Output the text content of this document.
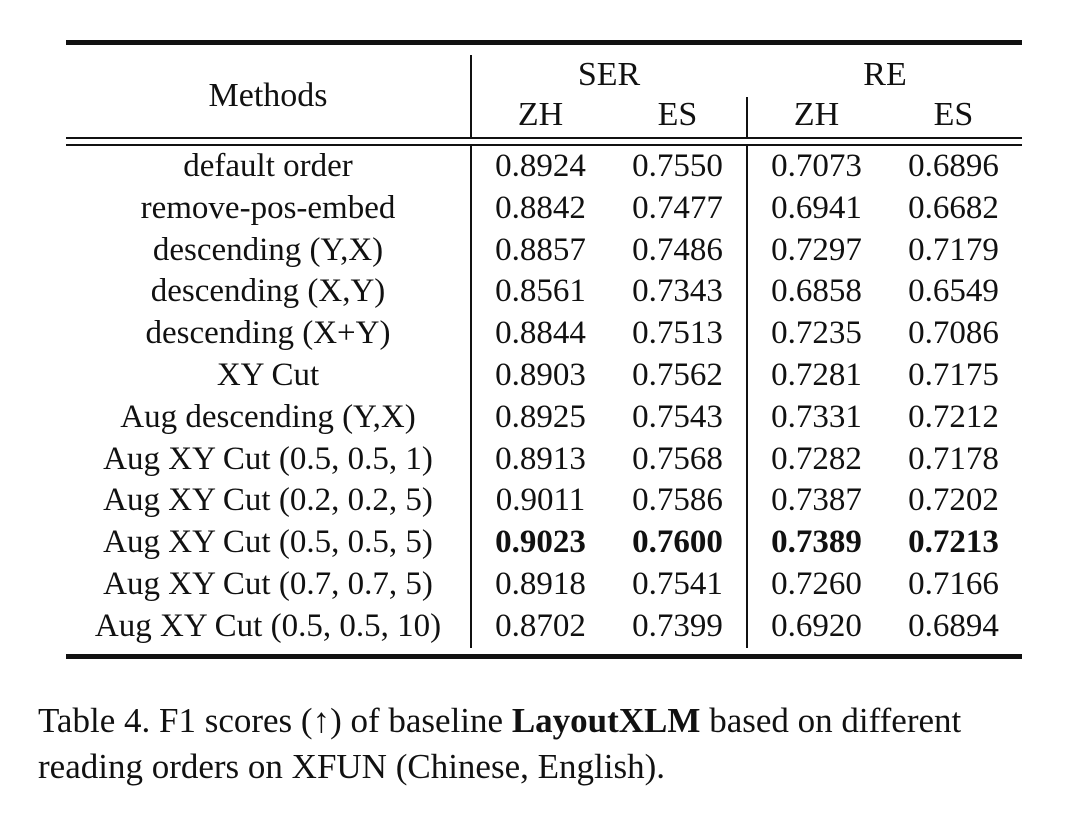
Methods
SER	RE
ZH	ES	ZH	ES
default order	0.8924	0.7550	0.7073	0.6896
remove-pos-embed	0.8842	0.7477	0.6941	0.6682
descending (Y,X)	0.8857	0.7486	0.7297	0.7179
descending (X,Y)	0.8561	0.7343	0.6858	0.6549
descending (X+Y)	0.8844	0.7513	0.7235	0.7086
XY Cut	0.8903	0.7562	0.7281	0.7175
Aug descending (Y,X)	0.8925	0.7543	0.7331	0.7212
Aug XY Cut (0.5, 0.5, 1)	0.8913	0.7568	0.7282	0.7178
Aug XY Cut (0.2, 0.2, 5)	0.9011	0.7586	0.7387	0.7202
Aug XY Cut (0.5, 0.5, 5)	0.9023	0.7600	0.7389	0.7213
Aug XY Cut (0.7, 0.7, 5)	0.8918	0.7541	0.7260	0.7166
Aug XY Cut (0.5, 0.5, 10)	0.8702	0.7399	0.6920	0.6894
Table 4. F1 scores (↑) of baseline LayoutXLM based on different reading orders on XFUN (Chinese, English).
